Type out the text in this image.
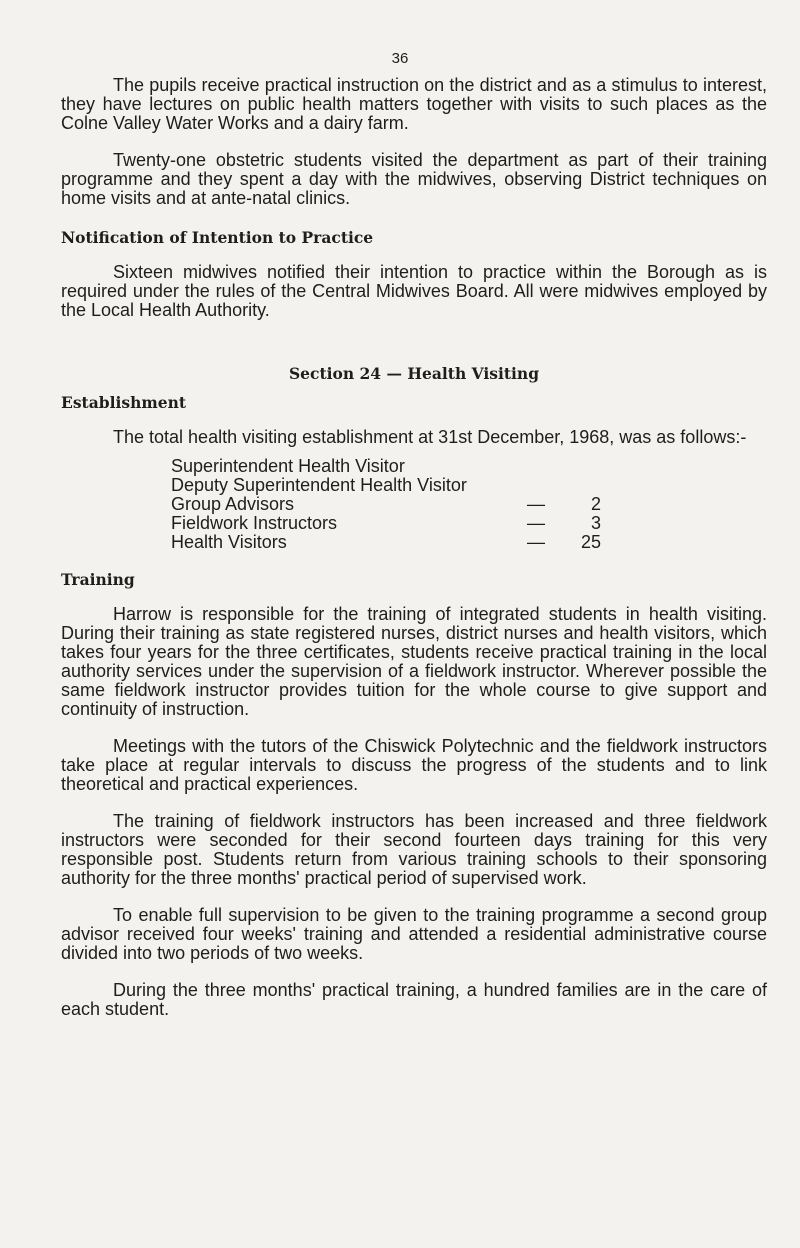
36

The pupils receive practical instruction on the district and as a stimulus to interest, they have lectures on public health matters together with visits to such places as the Colne Valley Water Works and a dairy farm.

Twenty-one obstetric students visited the department as part of their training programme and they spent a day with the midwives, observing District techniques on home visits and at ante-natal clinics.

Notification of Intention to Practice

Sixteen midwives notified their intention to practice within the Borough as is required under the rules of the Central Midwives Board. All were midwives employed by the Local Health Authority.

Section 24 — Health Visiting

Establishment

The total health visiting establishment at 31st December, 1968, was as follows:-

Superintendent Health Visitor
Deputy Superintendent Health Visitor
Group Advisors	—	2
Fieldwork Instructors	—	3
Health Visitors	—	25

Training

Harrow is responsible for the training of integrated students in health visiting. During their training as state registered nurses, district nurses and health visitors, which takes four years for the three certificates, students receive practical training in the local authority services under the supervision of a fieldwork instructor. Wherever possible the same fieldwork instructor provides tuition for the whole course to give support and continuity of instruction.

Meetings with the tutors of the Chiswick Polytechnic and the fieldwork instructors take place at regular intervals to discuss the progress of the students and to link theoretical and practical experiences.

The training of fieldwork instructors has been increased and three fieldwork instructors were seconded for their second fourteen days training for this very responsible post. Students return from various training schools to their sponsoring authority for the three months' practical period of supervised work.

To enable full supervision to be given to the training programme a second group advisor received four weeks' training and attended a residential administrative course divided into two periods of two weeks.

During the three months' practical training, a hundred families are in the care of each student.
